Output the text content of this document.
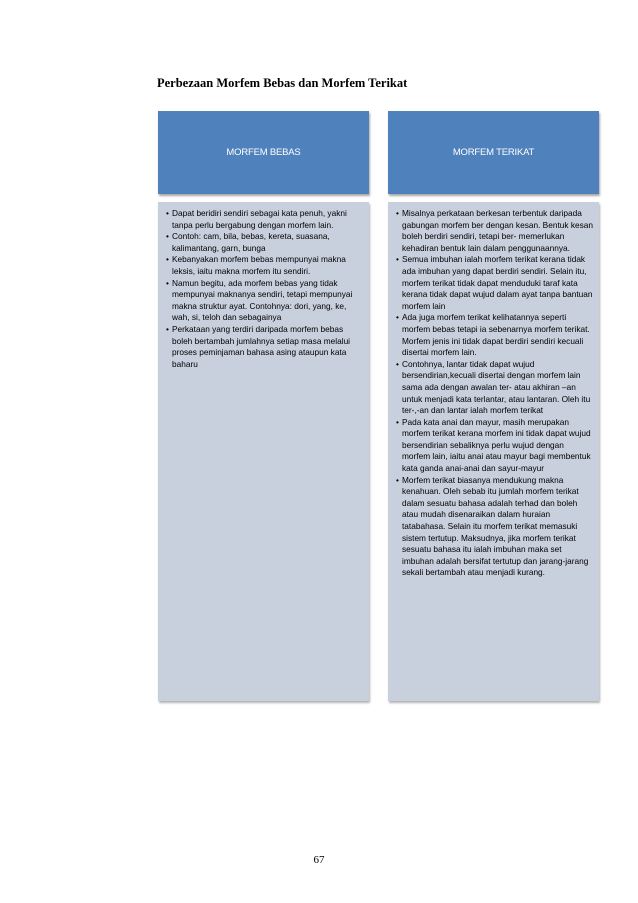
Perbezaan Morfem Bebas dan Morfem Terikat
MORFEM BEBAS
• Dapat beridiri sendiri sebagai kata penuh, yakni tanpa perlu bergabung dengan morfem lain.
• Contoh: cam, bila, bebas, kereta, suasana, kalimantang, garn, bunga
• Kebanyakan morfem bebas mempunyai makna leksis, iaitu makna morfem itu sendiri.
• Namun begitu, ada morfem bebas yang tidak mempunyai maknanya sendiri, tetapi mempunyai makna struktur ayat. Contohnya: dori, yang, ke, wah, si, teloh dan sebagainya
• Perkataan yang terdiri daripada morfem bebas boleh bertambah jumlahnya setiap masa melalui proses peminjaman bahasa asing ataupun kata baharu
MORFEM TERIKAT
• Misalnya perkataan berkesan terbentuk daripada gabungan morfem ber dengan kesan. Bentuk kesan boleh berdiri sendiri, tetapi ber- memerlukan kehadiran bentuk lain dalam penggunaannya.
• Semua imbuhan ialah morfem terikat kerana tidak ada imbuhan yang dapat berdiri sendiri. Selain itu, morfem terikat tidak dapat menduduki taraf kata kerana tidak dapat wujud dalam ayat tanpa bantuan morfem lain
• Ada juga morfem terikat kelihatannya seperti morfem bebas tetapi ia sebenarnya morfem terikat. Morfem jenis ini tidak dapat berdiri sendiri kecuali disertai morfem lain.
• Contohnya, lantar tidak dapat wujud bersendirian,kecuali disertai dengan morfem lain sama ada dengan awalan ter- atau akhiran –an untuk menjadi kata terlantar, atau lantaran. Oleh itu ter-,-an dan lantar ialah morfem terikat
• Pada kata anai dan mayur, masih merupakan morfem terikat kerana morfem ini tidak dapat wujud bersendirian sebaliknya perlu wujud dengan morfem lain, iaitu anai atau mayur bagi membentuk kata ganda anai-anai dan sayur-mayur
• Morfem terikat biasanya mendukung makna kenahuan. Oleh sebab itu jumlah morfem terikat dalam sesuatu bahasa adalah terhad dan boleh atau mudah disenaraikan dalam huraian tatabahasa. Selain itu morfem terikat memasuki sistem tertutup. Maksudnya, jika morfem terikat sesuatu bahasa itu ialah imbuhan maka set imbuhan adalah bersifat tertutup dan jarang-jarang sekali bertambah atau menjadi kurang.
67
